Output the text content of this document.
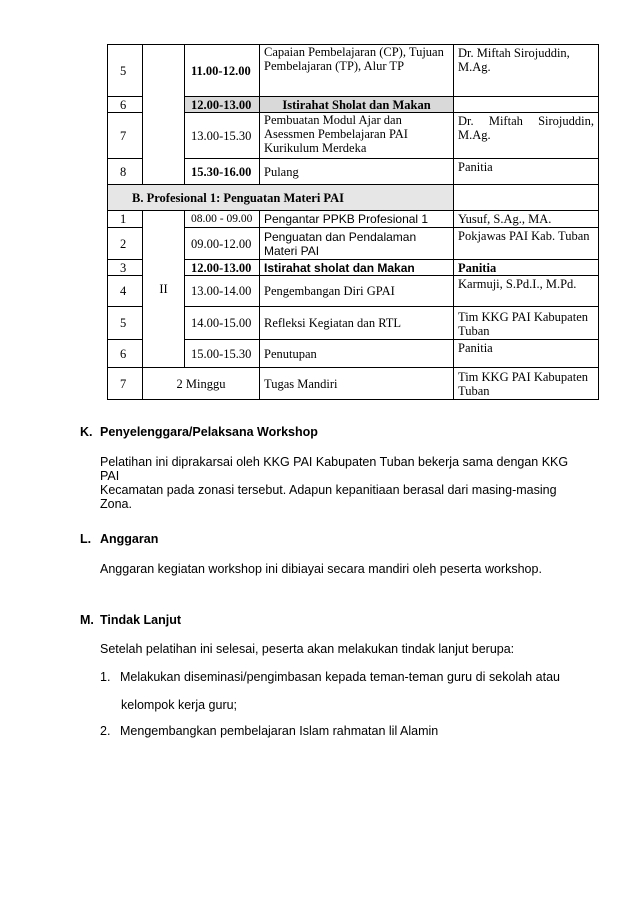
5		11.00-12.00	Capaian Pembelajaran (CP), Tujuan Pembelajaran (TP), Alur TP	Dr. Miftah Sirojuddin, M.Ag.
6		12.00-13.00	Istirahat Sholat dan Makan	
7		13.00-15.30	Pembuatan Modul Ajar dan Asessmen Pembelajaran PAI Kurikulum Merdeka	Dr. Miftah Sirojuddin, M.Ag.
8		15.30-16.00	Pulang	Panitia
B. Profesional 1: Penguatan Materi PAI				
1	II	08.00 - 09.00	Pengantar PPKB Profesional 1	Yusuf, S.Ag., MA.
2		09.00-12.00	Penguatan dan Pendalaman Materi PAI	Pokjawas PAI Kab. Tuban
3		12.00-13.00	Istirahat sholat dan Makan	Panitia
4		13.00-14.00	Pengembangan Diri GPAI	Karmuji, S.Pd.I., M.Pd.
5		14.00-15.00	Refleksi Kegiatan dan RTL	Tim KKG PAI Kabupaten Tuban
6		15.00-15.30	Penutupan	Panitia
7	2 Minggu		Tugas Mandiri	Tim KKG PAI Kabupaten Tuban
K. Penyelenggara/Pelaksana Workshop
Pelatihan ini diprakarsai oleh KKG PAI Kabupaten Tuban bekerja sama dengan KKG PAI
Kecamatan pada zonasi tersebut. Adapun kepanitiaan berasal dari masing-masing Zona.
L. Anggaran
Anggaran kegiatan workshop ini dibiayai secara mandiri oleh peserta workshop.
M. Tindak Lanjut
Setelah pelatihan ini selesai, peserta akan melakukan tindak lanjut berupa:
1. Melakukan diseminasi/pengimbasan kepada teman-teman guru di sekolah atau
kelompok kerja guru;
2. Mengembangkan pembelajaran Islam rahmatan lil Alamin
